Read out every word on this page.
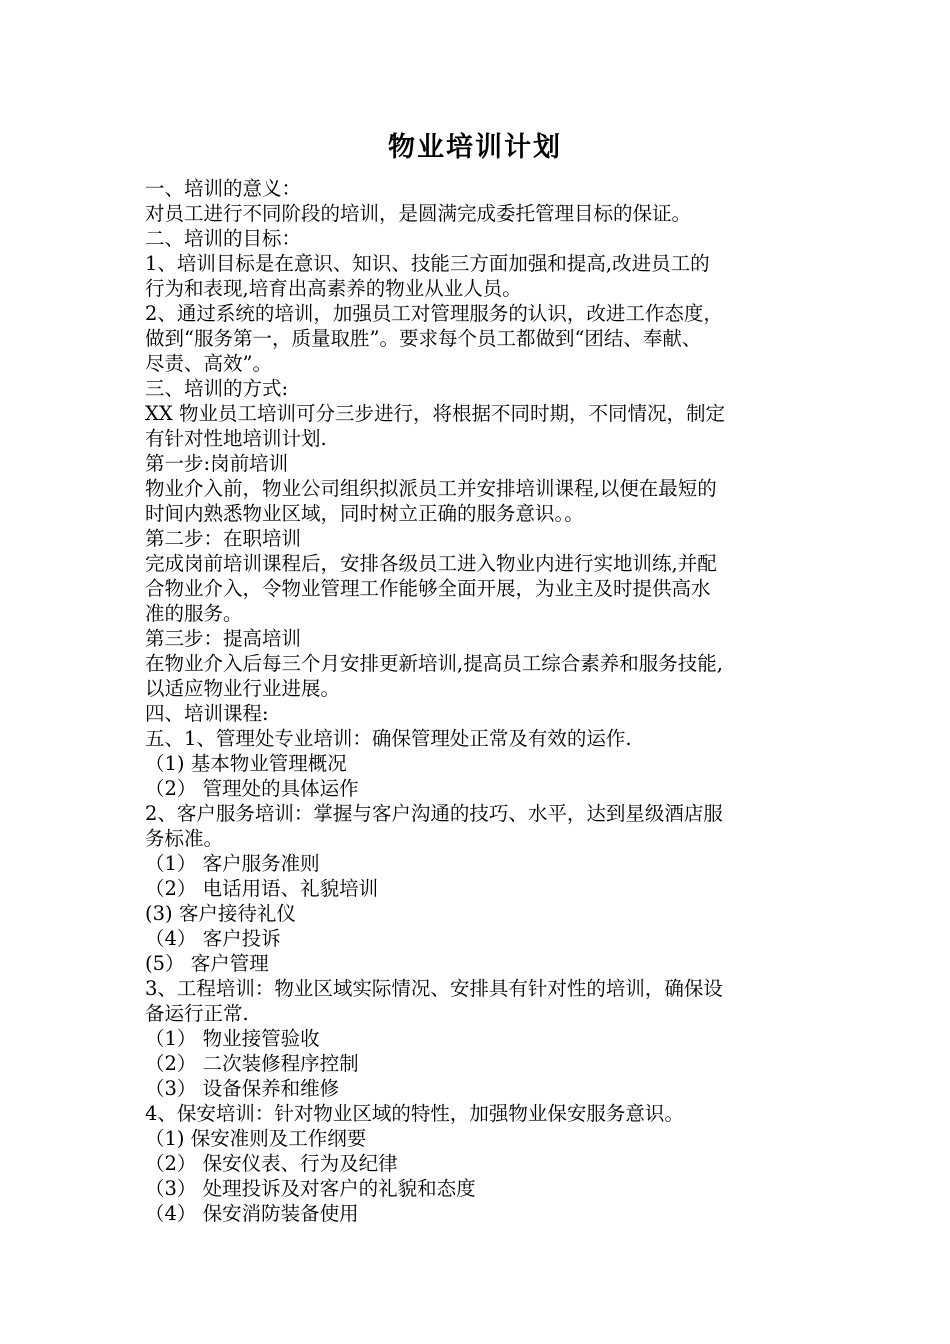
物业培训计划

一、培训的意义：

对员工进行不同阶段的培训，是圆满完成委托管理目标的保证。

二、培训的目标：

1、培训目标是在意识、知识、技能三方面加强和提高,改进员工的

行为和表现,培育出高素养的物业从业人员。

2、通过系统的培训，加强员工对管理服务的认识，改进工作态度，

做到“服务第一，质量取胜”。要求每个员工都做到“团结、奉献、

尽责、高效”。

三、培训的方式:

XX 物业员工培训可分三步进行，将根据不同时期，不同情况，制定

有针对性地培训计划.

第一步:岗前培训

物业介入前，物业公司组织拟派员工并安排培训课程,以便在最短的

时间内熟悉物业区域，同时树立正确的服务意识。。

第二步：在职培训

完成岗前培训课程后，安排各级员工进入物业内进行实地训练,并配

合物业介入，令物业管理工作能够全面开展，为业主及时提供高水

准的服务。

第三步：提高培训

在物业介入后每三个月安排更新培训,提高员工综合素养和服务技能,

以适应物业行业进展。

四、培训课程:

五、1、管理处专业培训：确保管理处正常及有效的运作.

（1) 基本物业管理概况

（2） 管理处的具体运作

2、客户服务培训：掌握与客户沟通的技巧、水平，达到星级酒店服

务标准。

（1） 客户服务准则

（2） 电话用语、礼貌培训

(3) 客户接待礼仪

（4） 客户投诉

(5） 客户管理

3、工程培训：物业区域实际情况、安排具有针对性的培训，确保设

备运行正常.

（1） 物业接管验收

（2） 二次装修程序控制

（3） 设备保养和维修

4、保安培训：针对物业区域的特性，加强物业保安服务意识。

（1) 保安准则及工作纲要

（2） 保安仪表、行为及纪律

（3） 处理投诉及对客户的礼貌和态度

（4） 保安消防装备使用
